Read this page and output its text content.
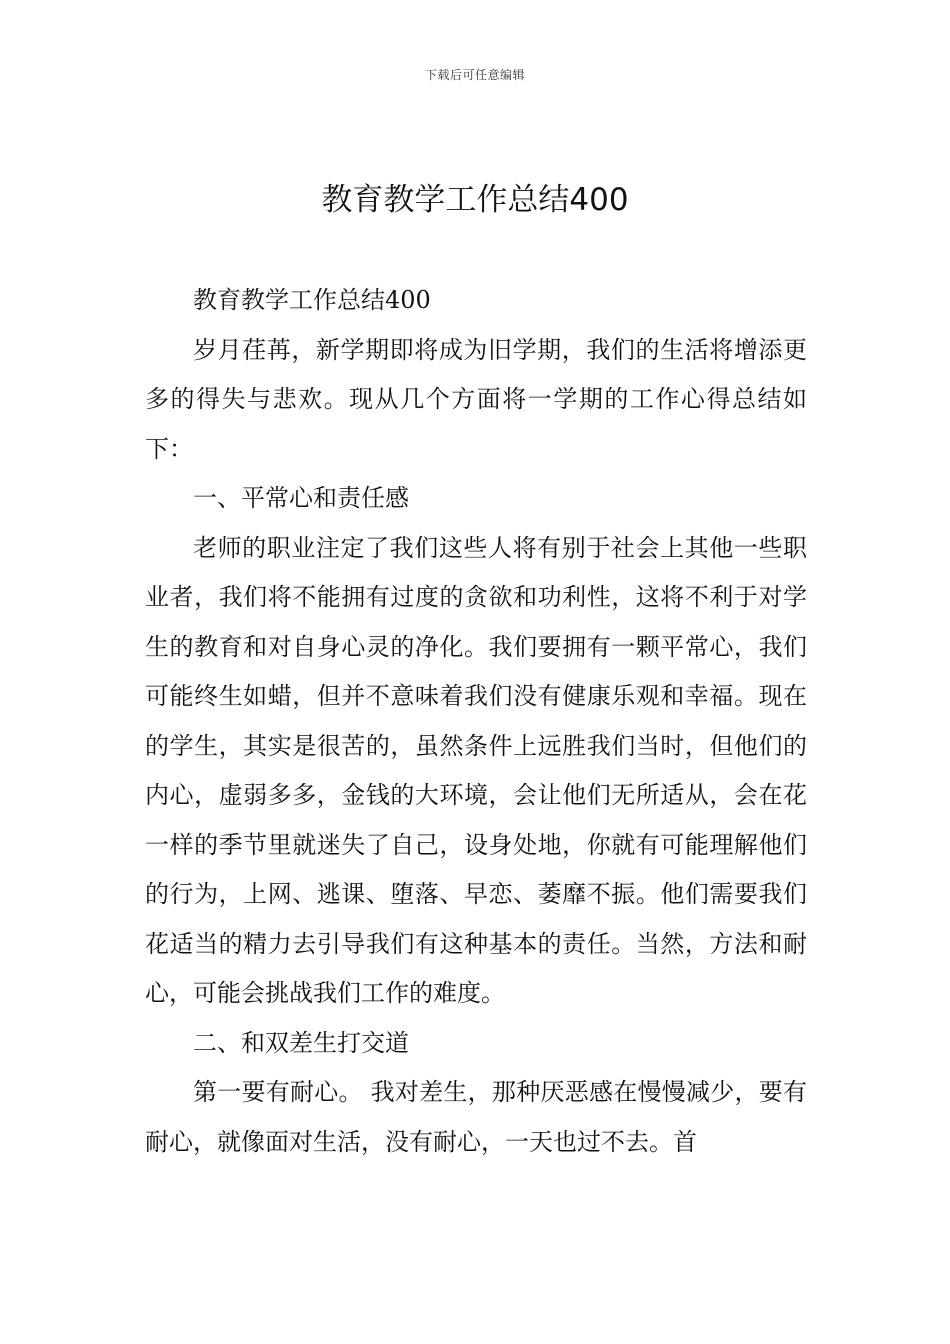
下载后可任意编辑
教育教学工作总结400

教育教学工作总结400

岁月荏苒，新学期即将成为旧学期，我们的生活将增添更多的得失与悲欢。现从几个方面将一学期的工作心得总结如下：

一、平常心和责任感

老师的职业注定了我们这些人将有别于社会上其他一些职业者，我们将不能拥有过度的贪欲和功利性，这将不利于对学生的教育和对自身心灵的净化。我们要拥有一颗平常心，我们可能终生如蜡，但并不意味着我们没有健康乐观和幸福。现在的学生，其实是很苦的，虽然条件上远胜我们当时，但他们的内心，虚弱多多，金钱的大环境，会让他们无所适从，会在花一样的季节里就迷失了自己，设身处地，你就有可能理解他们的行为，上网、逃课、堕落、早恋、萎靡不振。他们需要我们花适当的精力去引导我们有这种基本的责任。当然，方法和耐心，可能会挑战我们工作的难度。

二、和双差生打交道

第一要有耐心。 我对差生，那种厌恶感在慢慢减少，要有耐心，就像面对生活，没有耐心，一天也过不去。首
